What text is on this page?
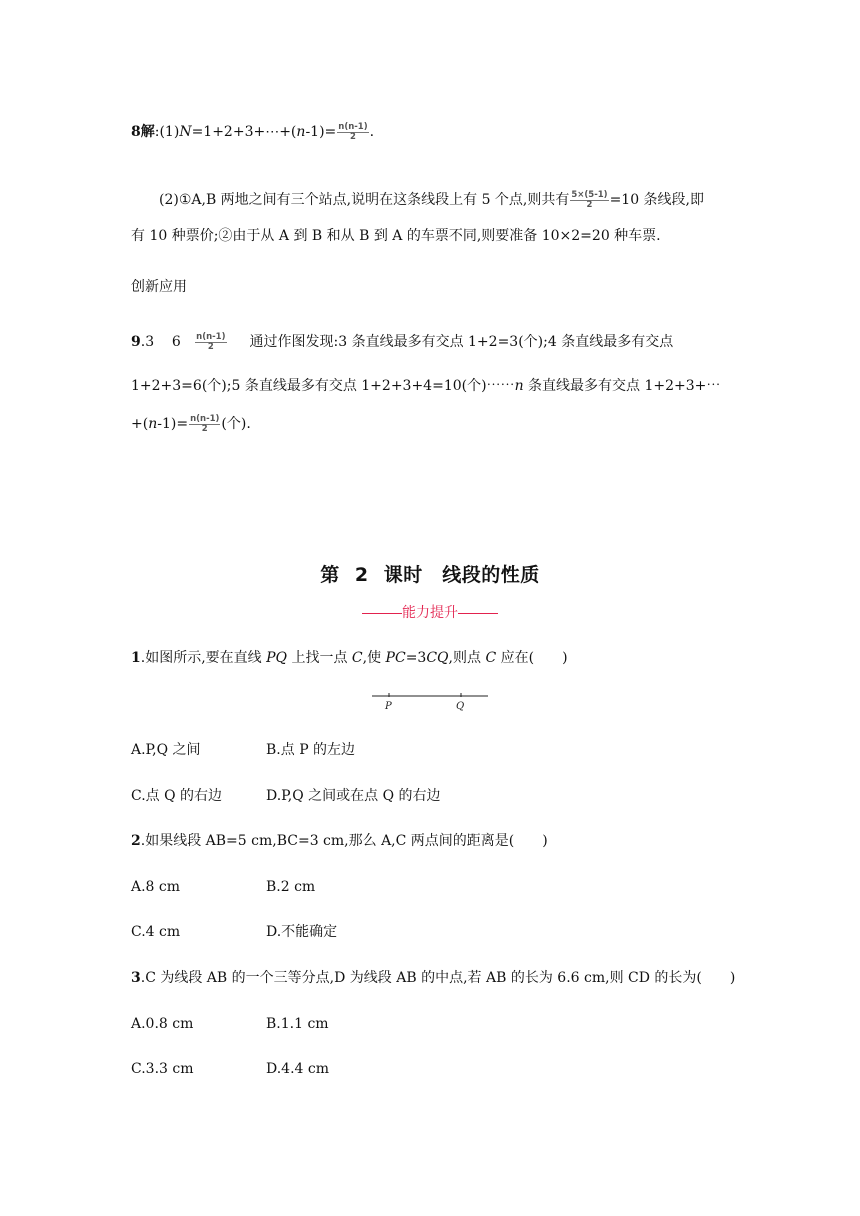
8解:(1)N=1+2+3+⋯+(n-1)= $\frac{n(n-1)}{2}$ .
(2)①A,B 两地之间有三个站点,说明在这条线段上有 5 个点,则共有 $\frac{5\times(5-1)}{2} =10$ 条线段,即
有 10 种票价;②由于从 A 到 B 和从 B 到 A 的车票不同,则要准备 10×2=20 种车票.
创新应用
9.3    $6 \frac{n(n-1)}{2}$ 通过作图发现:3 条直线最多有交点 1+2=3(个);4 条直线最多有交点
1+2+3=6(个);5 条直线最多有交点 1+2+3+4=10(个)⋯⋯n 条直线最多有交点 1+2+3+⋯
$+(n-1)= \frac{n(n-1)}{2}$ (个).
第 2 课时　线段的性质
能力提升
1.如图所示,要在直线 PQ 上找一点 C,使 PC=3CQ,则点 C 应在(　　)
P	Q
A.P,Q 之间	B.点 P 的左边
C.点 Q 的右边	D.P,Q 之间或在点 Q 的右边
2.如果线段 AB=5 cm,BC=3 cm,那么 A,C 两点间的距离是(　　)
A.8 cm	B.2 cm
C.4 cm	D.不能确定
3.C 为线段 AB 的一个三等分点,D 为线段 AB 的中点,若 AB 的长为 6.6 cm,则 CD 的长为(　　)
A.0.8 cm	B.1.1 cm
C.3.3 cm	D.4.4 cm
